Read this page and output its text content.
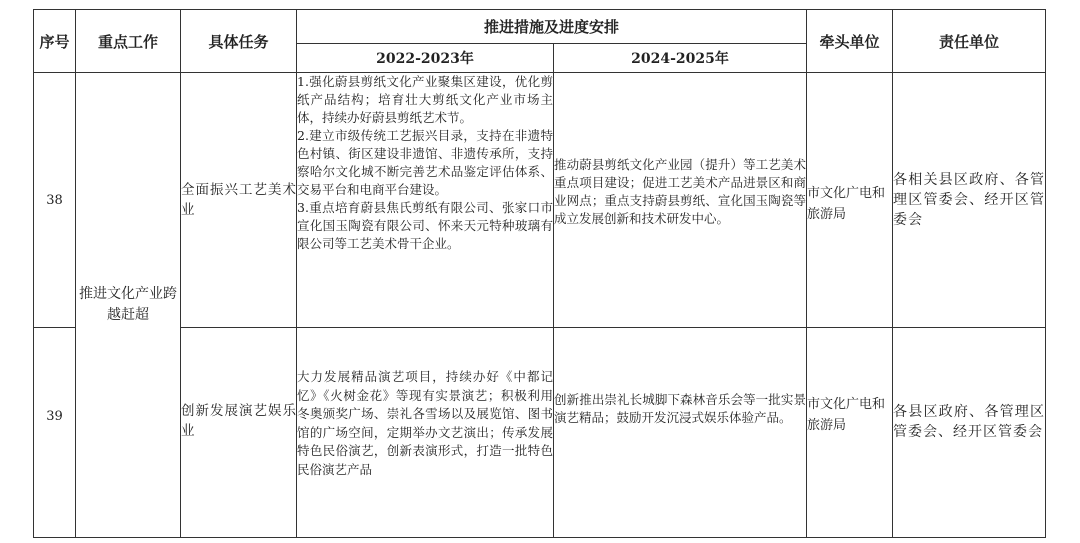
序号	重点工作	具体任务	推进措施及进度安排		牵头单位	责任单位
			2022-2023年	2024-2025年		

38	推进文化产业跨越赶超	全面振兴工艺美术业	1.强化蔚县剪纸文化产业聚集区建设，优化剪纸产品结构；培育壮大剪纸文化产业市场主体，持续办好蔚县剪纸艺术节。

2.建立市级传统工艺振兴目录，支持在非遗特色村镇、街区建设非遗馆、非遗传承所，支持察哈尔文化城不断完善艺术品鉴定评估体系、交易平台和电商平台建设。

3.重点培育蔚县焦氏剪纸有限公司、张家口市宣化国玉陶瓷有限公司、怀来天元特种玻璃有限公司等工艺美术骨干企业。	推动蔚县剪纸文化产业园（提升）等工艺美术重点项目建设；促进工艺美术产品进景区和商业网点；重点支持蔚县剪纸、宣化国玉陶瓷等成立发展创新和技术研发中心。	市文化广电和旅游局	各相关县区政府、各管理区管委会、经开区管委会

39		创新发展演艺娱乐业	大力发展精品演艺项目，持续办好《中都记忆》《火树金花》等现有实景演艺；积极利用冬奥颁奖广场、崇礼各雪场以及展览馆、图书馆的广场空间，定期举办文艺演出；传承发展特色民俗演艺，创新表演形式，打造一批特色民俗演艺产品	创新推出崇礼长城脚下森林音乐会等一批实景演艺精品；鼓励开发沉浸式娱乐体验产品。	市文化广电和旅游局	各县区政府、各管理区管委会、经开区管委会
